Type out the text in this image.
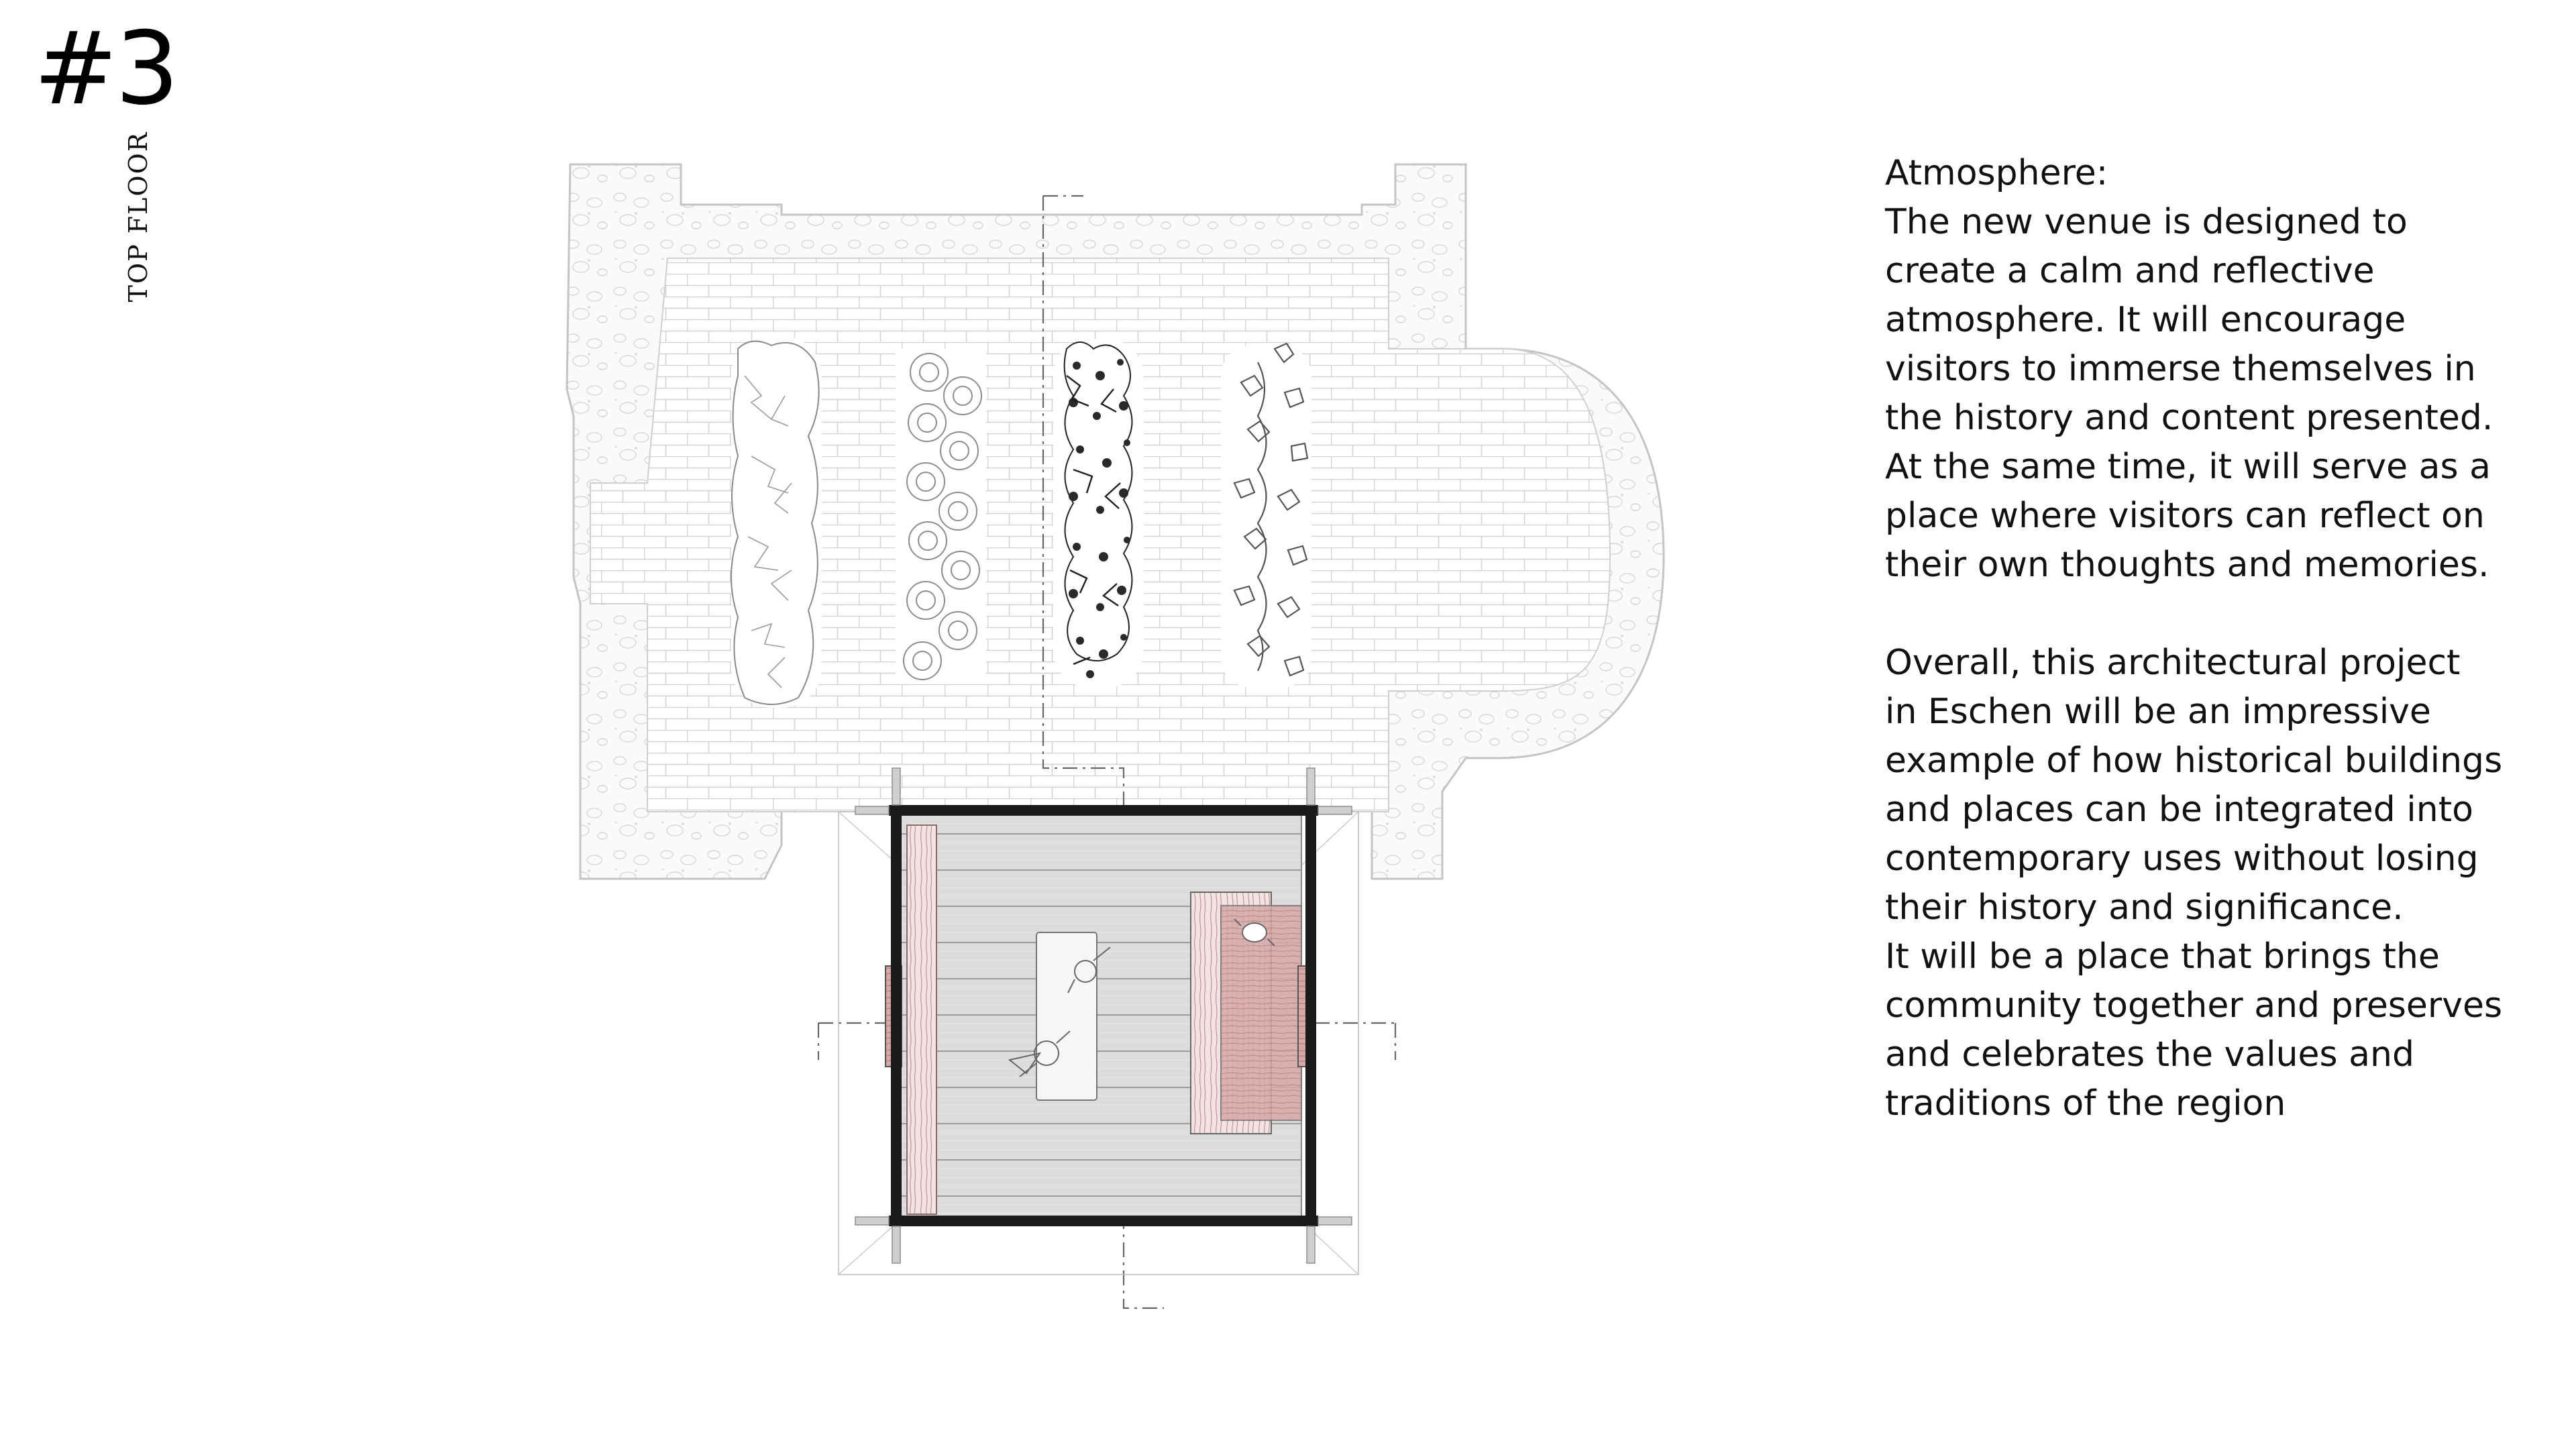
#3
TOP FLOOR	Atmosphere:

The new venue is designed to
create a calm and reflective
atmosphere. It will encourage
visitors to immerse themselves in
the history and content presented.
At the same time, it will serve as a
place where visitors can reflect on
their own thoughts and memories.

Overall, this architectural project
in Eschen will be an impressive
example of how historical buildings
and places can be integrated into
contemporary uses without losing
their history and significance.
It will be a place that brings the
community together and preserves
and celebrates the values and
traditions of the region
